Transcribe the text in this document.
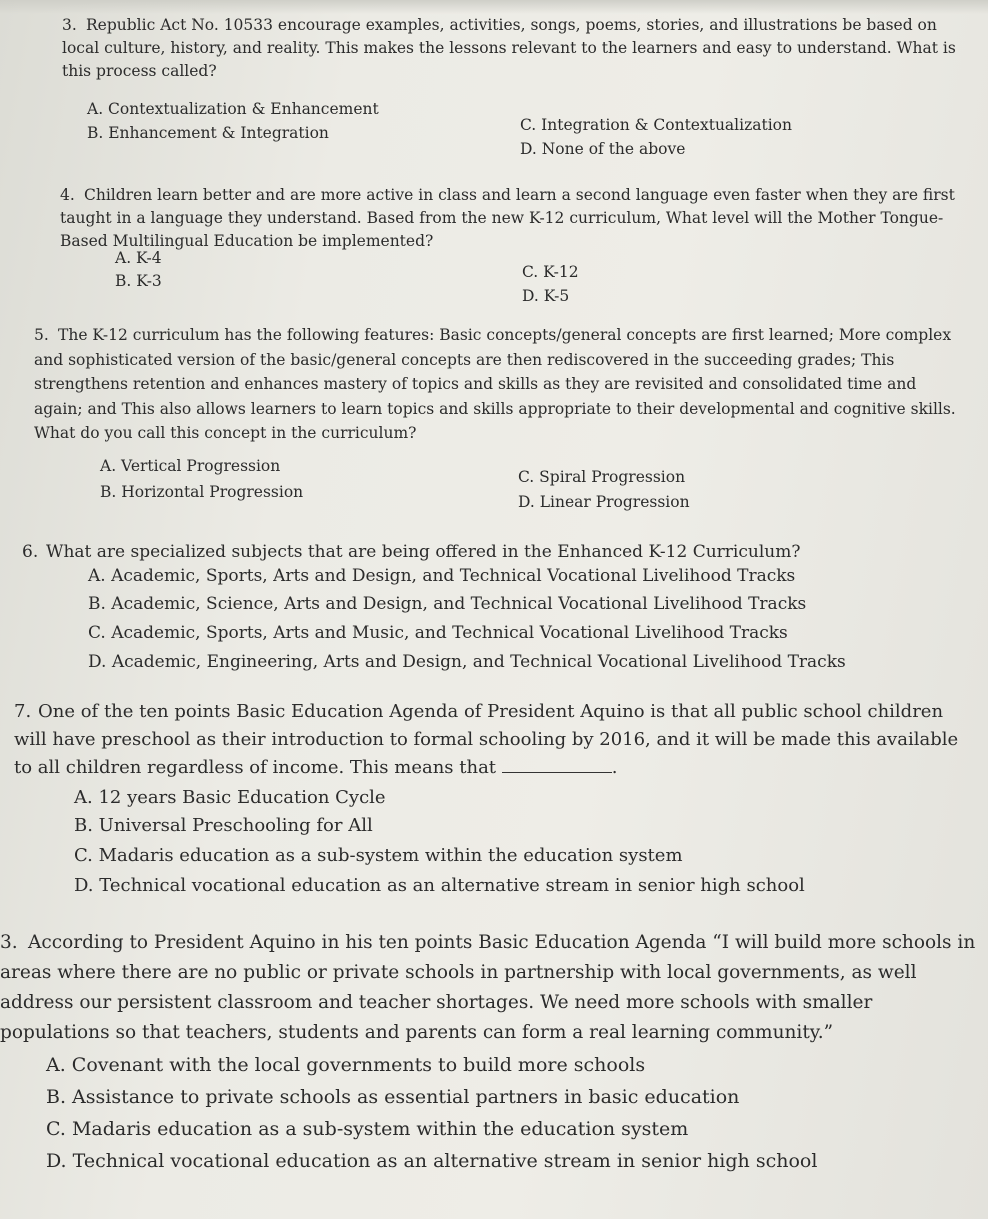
3. Republic Act No. 10533 encourage examples, activities, songs, poems, stories, and illustrations be based on local culture, history, and reality. This makes the lessons relevant to the learners and easy to understand. What is this process called?

A. Contextualization & Enhancement
B. Enhancement & Integration	C. Integration & Contextualization
D. None of the above

4. Children learn better and are more active in class and learn a second language even faster when they are first taught in a language they understand. Based from the new K-12 curriculum, What level will the Mother Tongue-Based Multilingual Education be implemented?

A. K-4
B. K-3	C. K-12
D. K-5

5. The K-12 curriculum has the following features: Basic concepts/general concepts are first learned; More complex and sophisticated version of the basic/general concepts are then rediscovered in the succeeding grades; This strengthens retention and enhances mastery of topics and skills as they are revisited and consolidated time and again; and This also allows learners to learn topics and skills appropriate to their developmental and cognitive skills. What do you call this concept in the curriculum?

A. Vertical Progression
B. Horizontal Progression
C. Spiral Progression
D. Linear Progression

6. What are specialized subjects that are being offered in the Enhanced K-12 Curriculum?

A. Academic, Sports, Arts and Design, and Technical Vocational Livelihood Tracks
B. Academic, Science, Arts and Design, and Technical Vocational Livelihood Tracks
C. Academic, Sports, Arts and Music, and Technical Vocational Livelihood Tracks
D. Academic, Engineering, Arts and Design, and Technical Vocational Livelihood Tracks

7. One of the ten points Basic Education Agenda of President Aquino is that all public school children will have preschool as their introduction to formal schooling by 2016, and it will be made this available to all children regardless of income. This means that	.

A. 12 years Basic Education Cycle
B. Universal Preschooling for All
C. Madaris education as a sub-system within the education system
D. Technical vocational education as an alternative stream in senior high school

3. According to President Aquino in his ten points Basic Education Agenda “I will build more schools in areas where there are no public or private schools in partnership with local governments, as well address our persistent classroom and teacher shortages. We need more schools with smaller populations so that teachers, students and parents can form a real learning community.”

A. Covenant with the local governments to build more schools
B. Assistance to private schools as essential partners in basic education
C. Madaris education as a sub-system within the education system
D. Technical vocational education as an alternative stream in senior high school
